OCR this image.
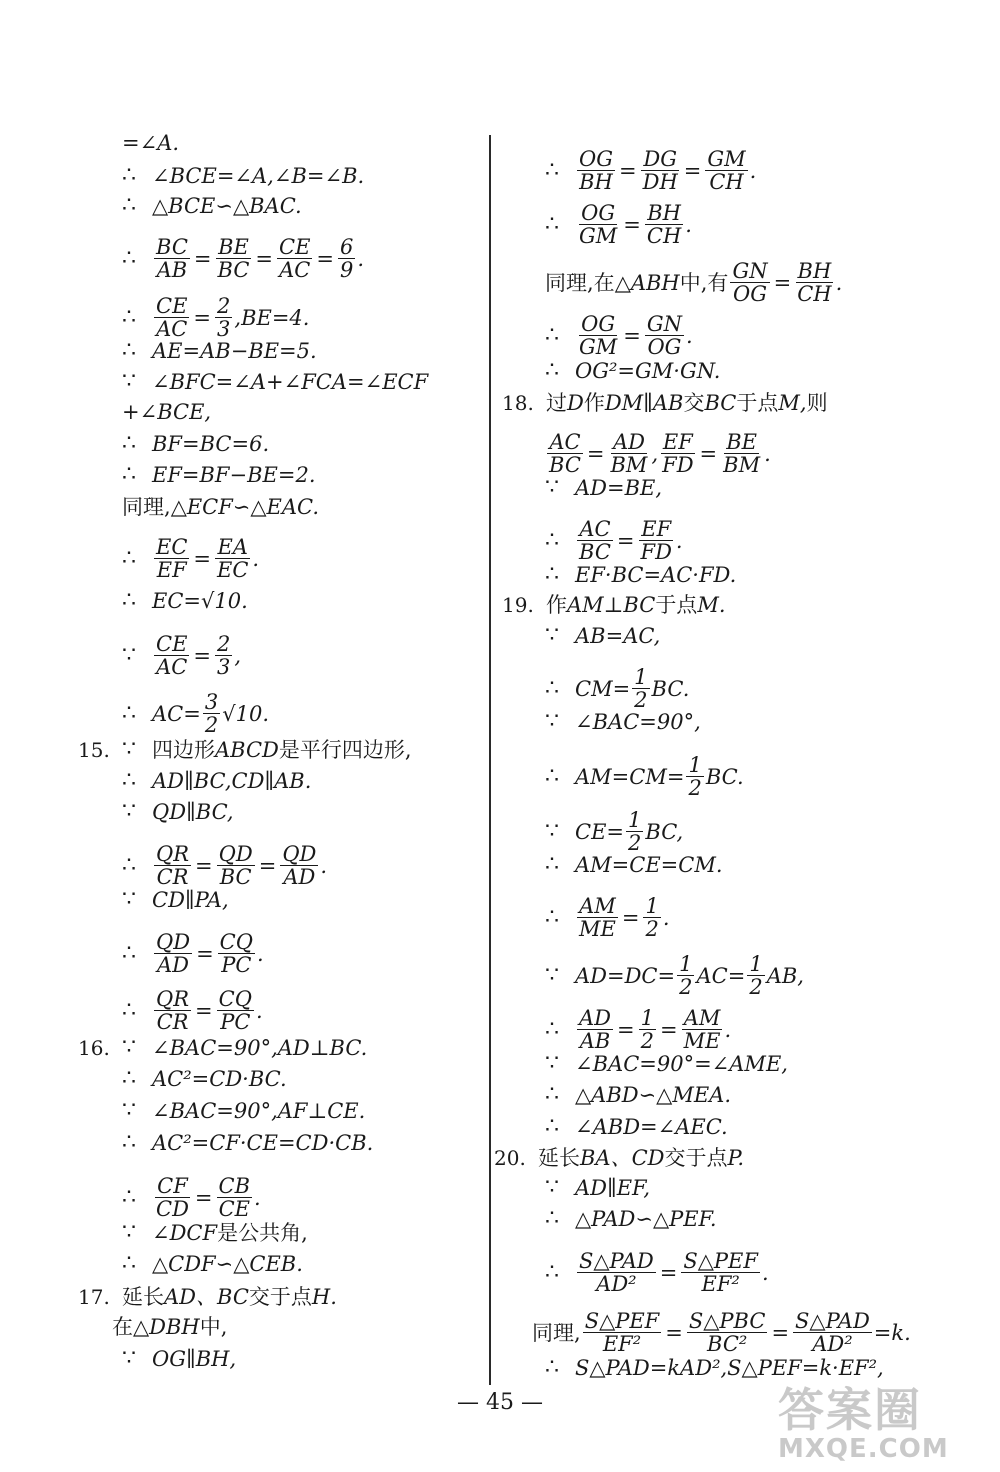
=∠A.
∴ ∠BCE=∠A,∠B=∠B.
∴ △BCE∽△BAC.
∴ $\frac{BC}{AB} = \frac{BE}{BC} = \frac{CE}{AC} = \frac{6}{9}$ .
∴ $\frac{CE}{AC} = \frac{2}{3} ,BE=4$.
∴ AE=AB−BE=5.
∵ ∠BFC=∠A+∠FCA=∠ECF
+∠BCE,
∴ BF=BC=6.
∴ EF=BF−BE=2.
同理, △ECF∽△EAC.
∴ $\frac{EC}{EF} = \frac{EA}{EC}$ .
∴ EC=√10.
∵ $\frac{CE}{AC} = \frac{2}{3}$ ,
∴ $AC= \frac{3}{2} √10$.
15. ∵ 四边形 ABCD 是平行四边形,
∴ AD∥BC,CD∥AB.
∵ QD∥BC,
∴ $\frac{QR}{CR} = \frac{QD}{BC} = \frac{QD}{AD}$ .
∵ CD∥PA,
∴ $\frac{QD}{AD} = \frac{CQ}{PC}$ .
∴ $\frac{QR}{CR} = \frac{CQ}{PC}$ .
16. ∵ ∠BAC=90°,AD⊥BC.
∴ AC²=CD·BC.
∵ ∠BAC=90°,AF⊥CE.
∴ AC²=CF·CE=CD·CB.
∴ $\frac{CF}{CD} = \frac{CB}{CE}$ .
∵ ∠DCF 是公共角,
∴ △CDF∽△CEB.
17. 延长 AD、BC 交于点 H.
在 △DBH 中,
∵ OG∥BH,
∴ $\frac{OG}{BH} = \frac{DG}{DH} = \frac{GM}{CH}$ .
∴ $\frac{OG}{GM} = \frac{BH}{CH}$ .
同理,在 △ABH 中,有 $\frac{GN}{OG} = \frac{BH}{CH}$ .
∴ $\frac{OG}{GM} = \frac{GN}{OG}$ .
∴ OG²=GM·GN.
18. 过 D 作 DM∥AB 交 BC 于点 M, 则
$\frac{AC}{BC} = \frac{AD}{BM}$ , $\frac{EF}{FD} = \frac{BE}{BM}$ .
∵ AD=BE,
∴ $\frac{AC}{BC} = \frac{EF}{FD}$ .
∴ EF·BC=AC·FD.
19. 作 AM⊥BC 于点 M.
∵ AB=AC,
∴ $CM= \frac{1}{2}$ BC.
∵ ∠BAC=90°,
∴ $AM=CM= \frac{1}{2}$ BC.
∵ $CE= \frac{1}{2}$ BC,
∴ AM=CE=CM.
∴ $\frac{AM}{ME} = \frac{1}{2}$ .
∵ $AD=DC= \frac{1}{2} AC= \frac{1}{2}$ AB,
∴ $\frac{AD}{AB} = \frac{1}{2} = \frac{AM}{ME}$ .
∵ ∠BAC=90°=∠AME,
∴ △ABD∽△MEA.
∴ ∠ABD=∠AEC.
20. 延长 BA、CD 交于点 P.
∵ AD∥EF,
∴ △PAD∽△PEF.
∴ $\frac{\text{S△PAD}}{\text{AD²}} = \frac{\text{S△PEF}}{\text{EF²}}$ .
同理, $\frac{\text{S△PEF}}{\text{EF²}} = \frac{\text{S△PBC}}{\text{BC²}} = \frac{\text{S△PAD}}{\text{AD²}} =k$.
∴ S△PAD=kAD²,S△PEF=k·EF²,
— 45 —	答案圈
MXQE.COM
